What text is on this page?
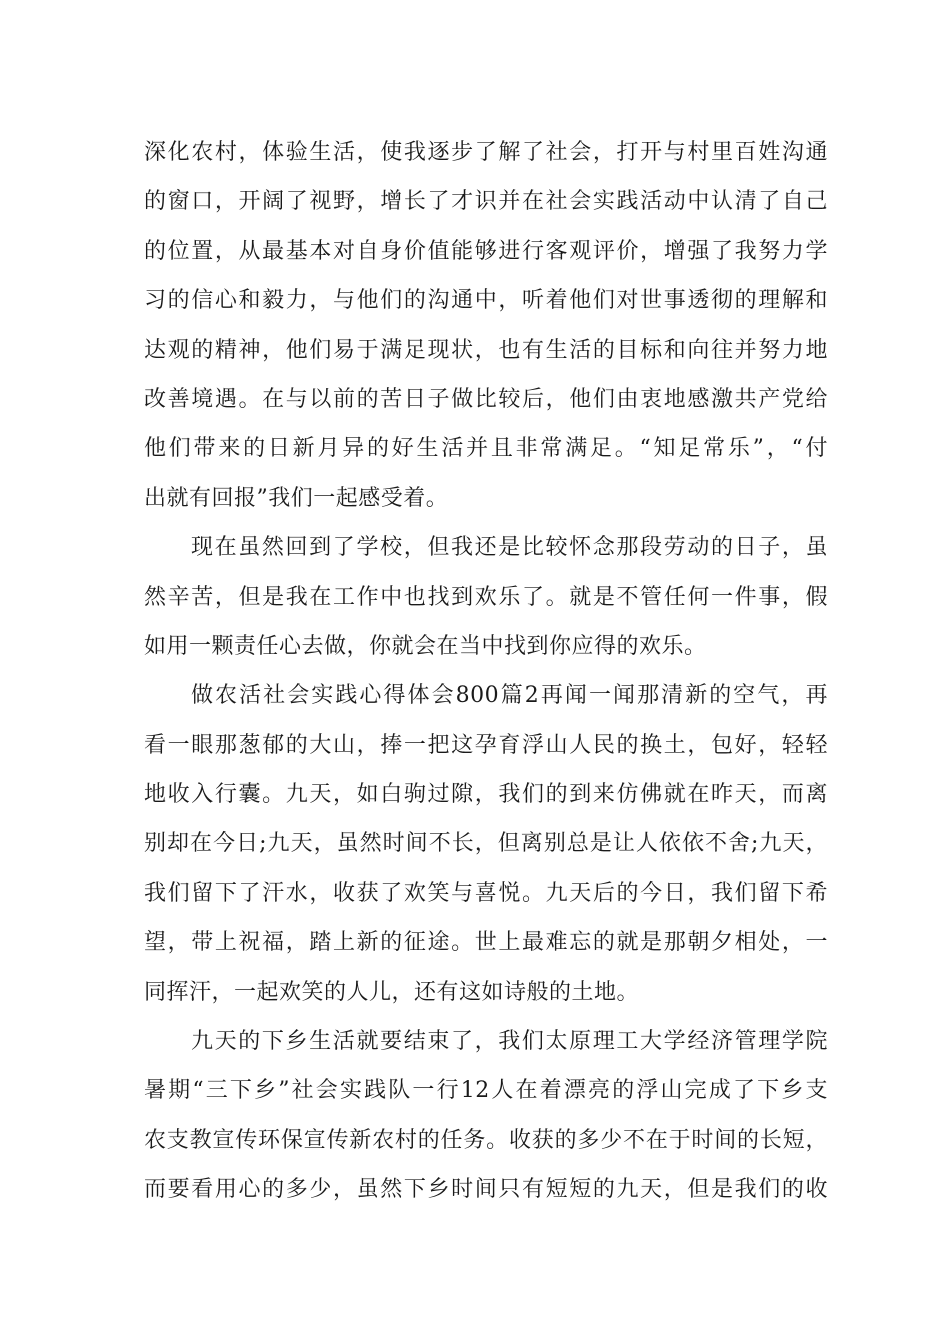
深化农村，体验生活，使我逐步了解了社会，打开与村里百姓沟通
的窗口，开阔了视野，增长了才识并在社会实践活动中认清了自己
的位置，从最基本对自身价值能够进行客观评价，增强了我努力学
习的信心和毅力，与他们的沟通中，听着他们对世事透彻的理解和
达观的精神，他们易于满足现状，也有生活的目标和向往并努力地
改善境遇。在与以前的苦日子做比较后，他们由衷地感激共产党给
他们带来的日新月异的好生活并且非常满足。“知足常乐”，“付
出就有回报”我们一起感受着。
现在虽然回到了学校，但我还是比较怀念那段劳动的日子，虽
然辛苦，但是我在工作中也找到欢乐了。就是不管任何一件事，假
如用一颗责任心去做，你就会在当中找到你应得的欢乐。
做农活社会实践心得体会800篇2再闻一闻那清新的空气，再
看一眼那葱郁的大山，捧一把这孕育浮山人民的换土，包好，轻轻
地收入行囊。九天，如白驹过隙，我们的到来仿佛就在昨天，而离
别却在今日;九天，虽然时间不长，但离别总是让人依依不舍;九天，
我们留下了汗水，收获了欢笑与喜悦。九天后的今日，我们留下希
望，带上祝福，踏上新的征途。世上最难忘的就是那朝夕相处，一
同挥汗，一起欢笑的人儿，还有这如诗般的土地。
九天的下乡生活就要结束了，我们太原理工大学经济管理学院
暑期“三下乡”社会实践队一行12人在着漂亮的浮山完成了下乡支
农支教宣传环保宣传新农村的任务。收获的多少不在于时间的长短，
而要看用心的多少，虽然下乡时间只有短短的九天，但是我们的收
